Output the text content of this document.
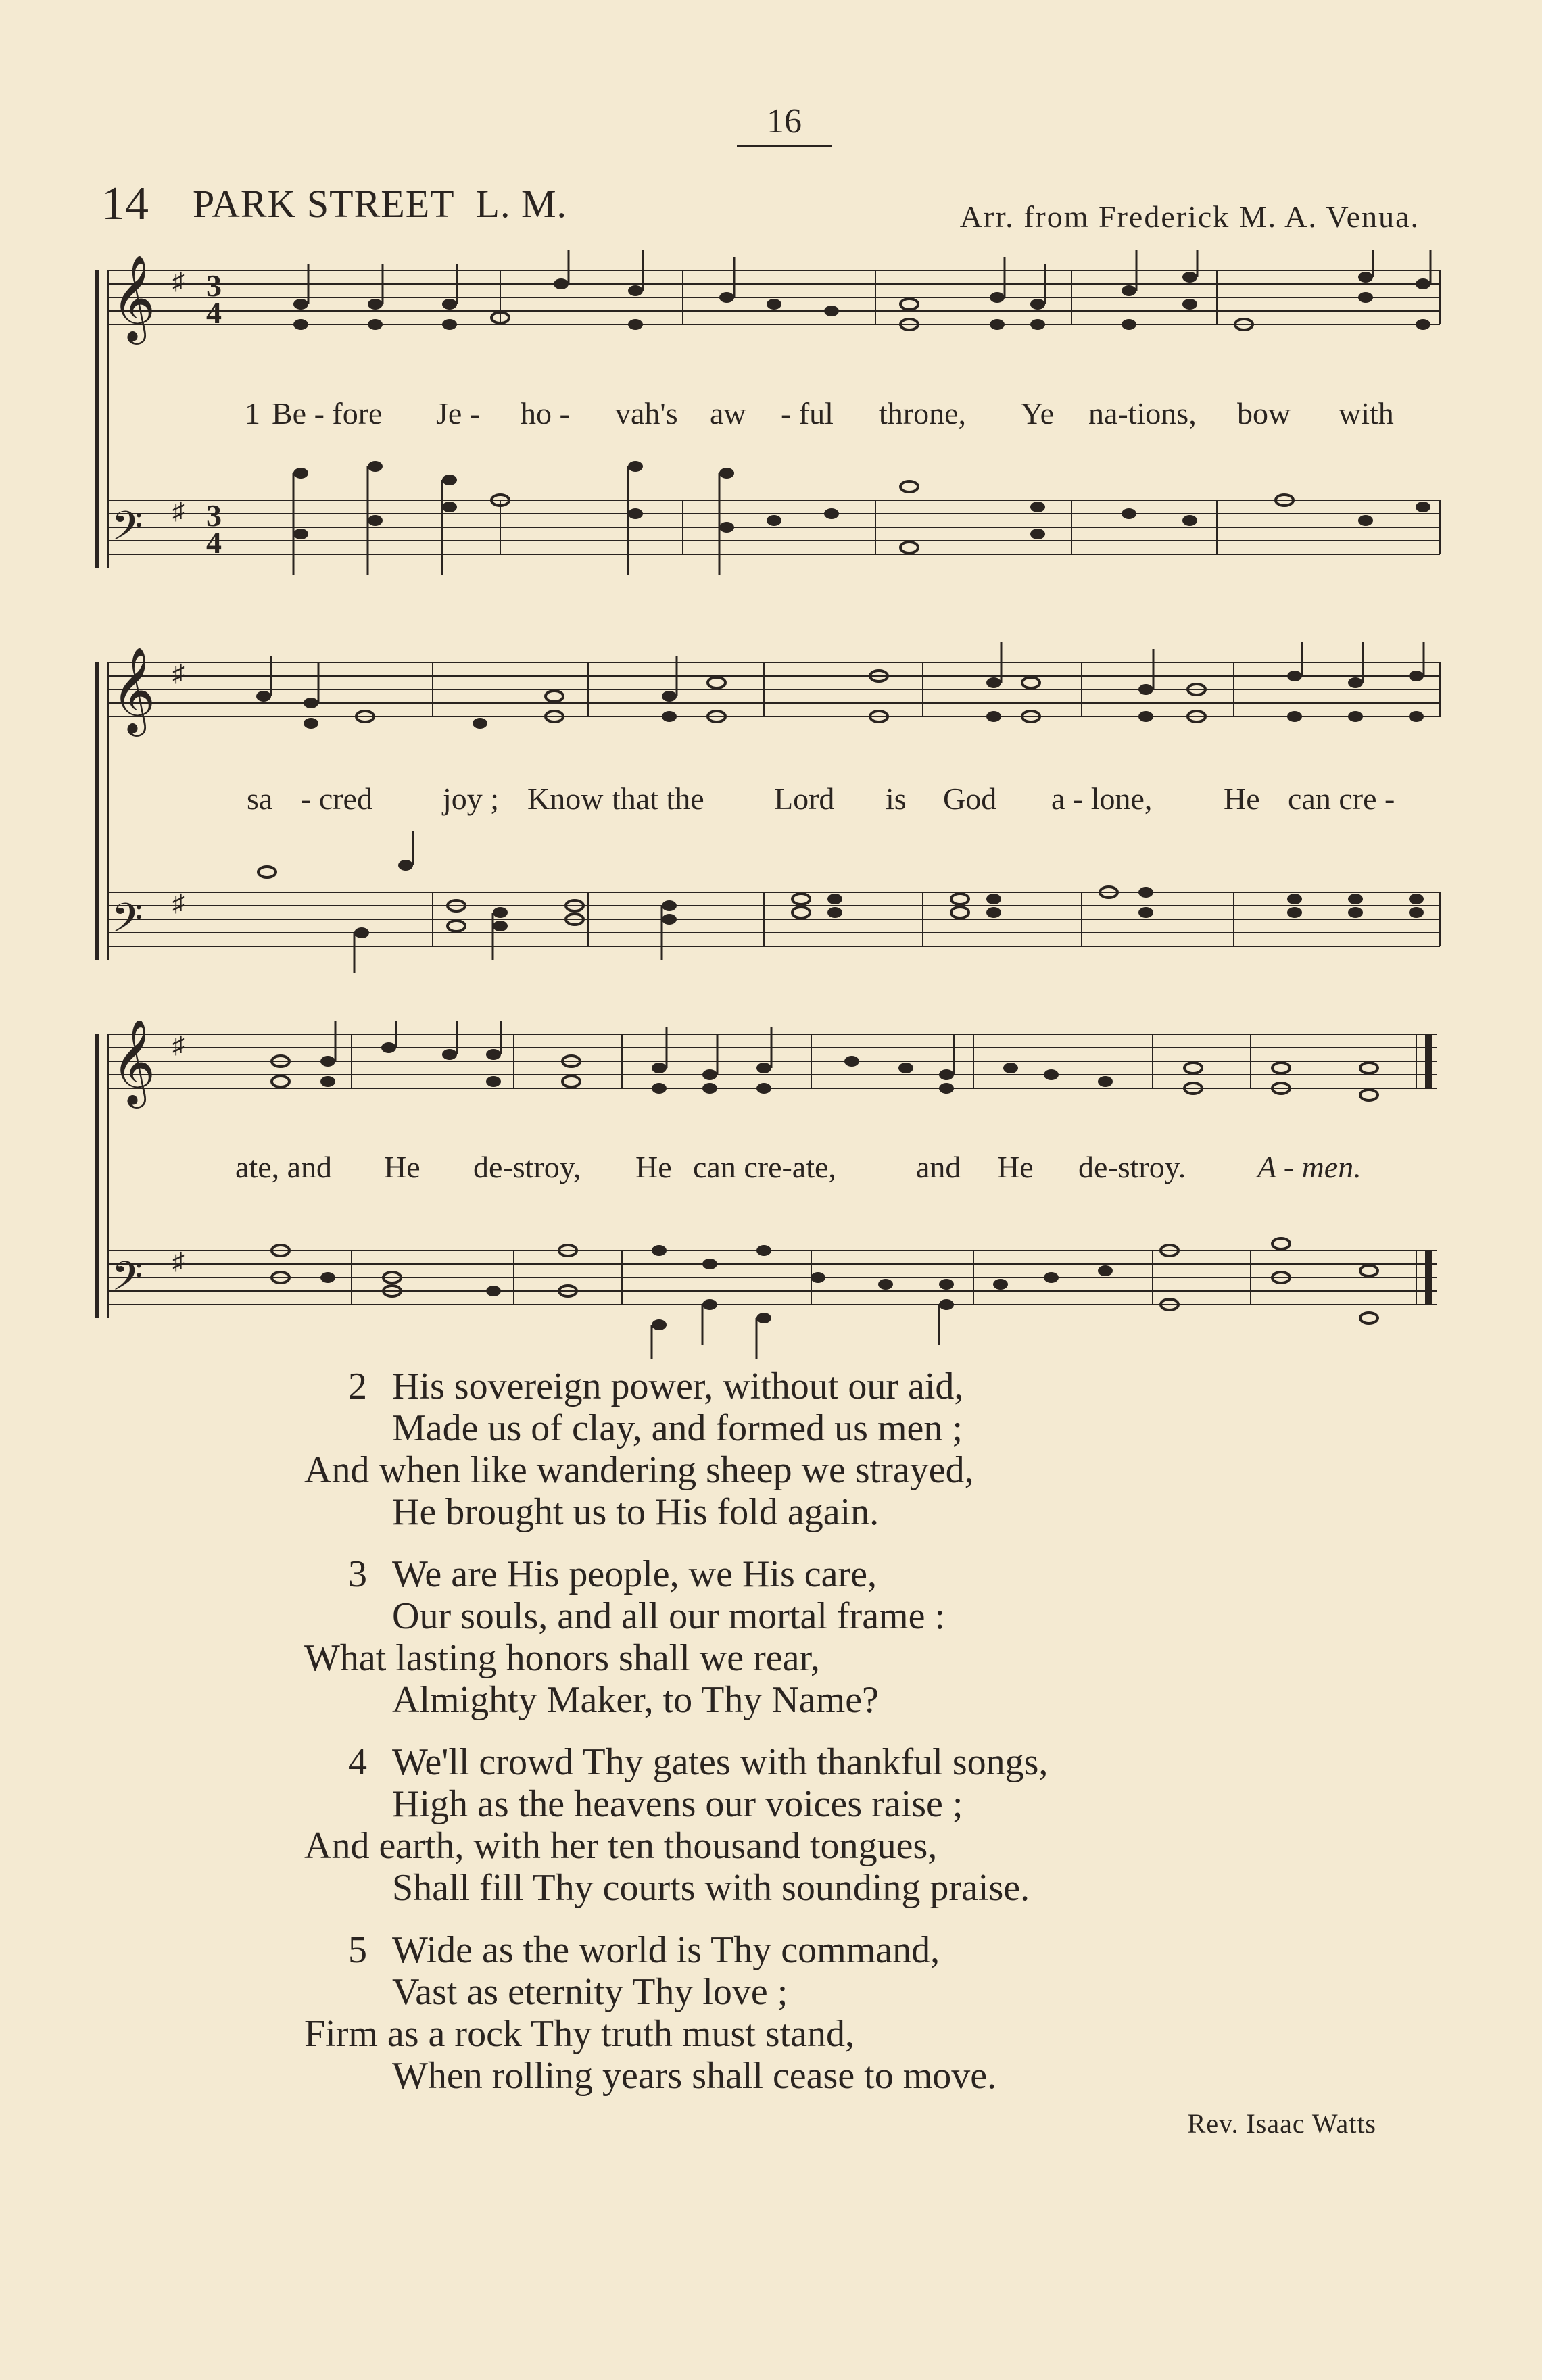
16
14 PARK STREET L. M.	Arr. from Frederick M. A. Venua.
𝄞
𝄢
♯
♯
3
4
3
4
1 Be - fore Je - ho - vah's aw - ful throne, Ye na-tions, bow with
𝄞
𝄢
♯
♯
sa - cred joy ; Know that the Lord is God a - lone, He can cre -
𝄞
𝄢
♯
♯
ate, and He de-stroy, He can cre-ate,	and He de-stroy. A - men.
2 His sovereign power, without our aid,
Made us of clay, and formed us men ;
And when like wandering sheep we strayed,
He brought us to His fold again.
3 We are His people, we His care,
Our souls, and all our mortal frame :
What lasting honors shall we rear,
Almighty Maker, to Thy Name?
4 We'll crowd Thy gates with thankful songs,
High as the heavens our voices raise ;
And earth, with her ten thousand tongues,
Shall fill Thy courts with sounding praise.
5 Wide as the world is Thy command,
Vast as eternity Thy love ;
Firm as a rock Thy truth must stand,
When rolling years shall cease to move.
Rev. Isaac Watts
